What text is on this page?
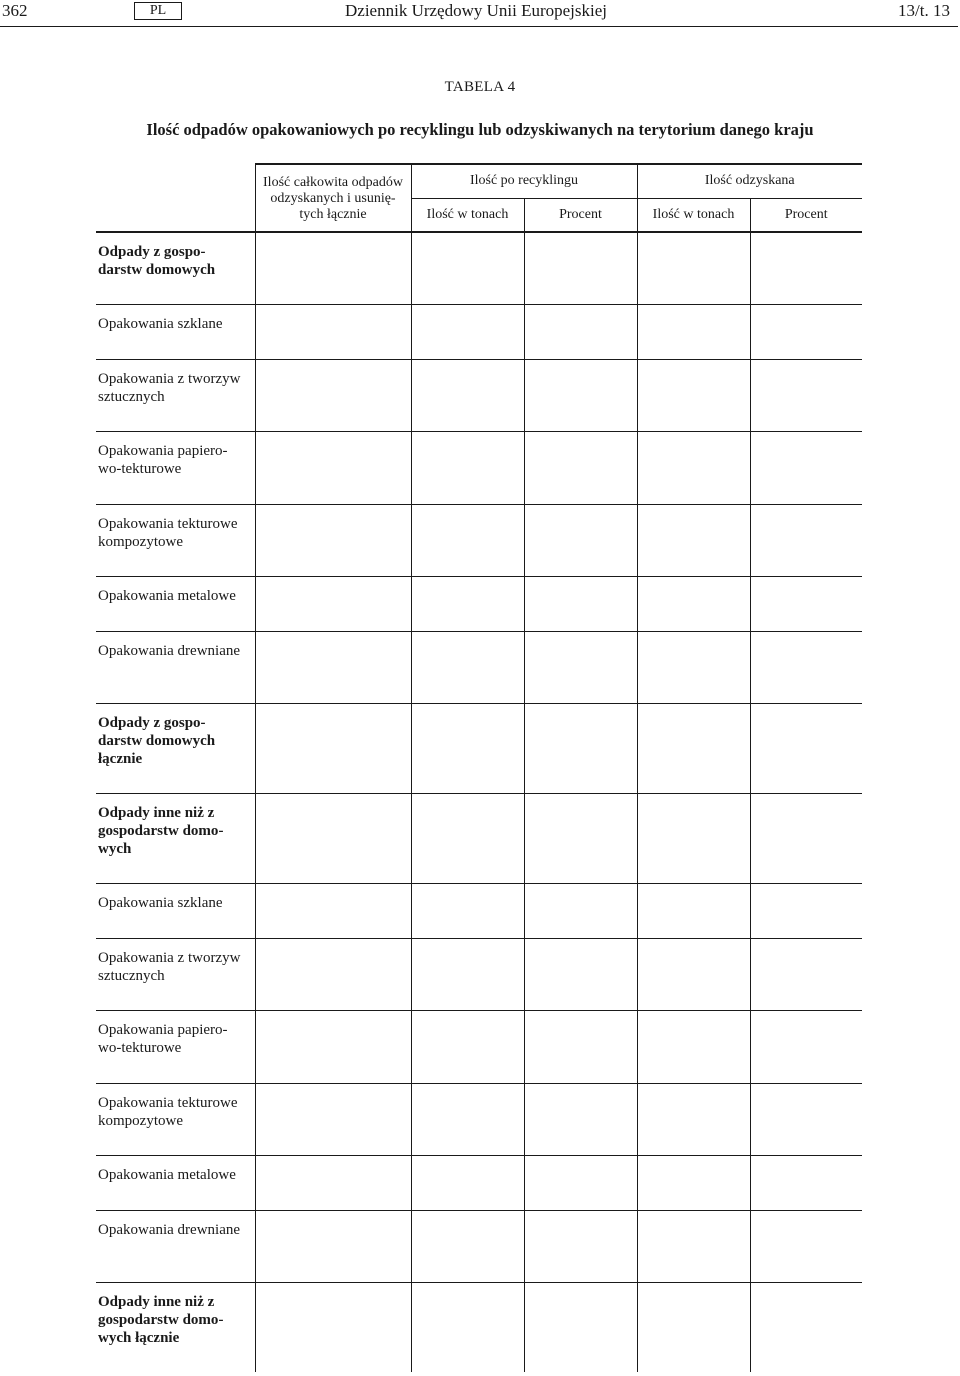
362	PL	Dziennik Urzędowy Unii Europejskiej	13/t. 13
TABELA 4
Ilość odpadów opakowaniowych po recyklingu lub odzyskiwanych na terytorium danego kraju
	Ilość całkowita odpadów odzyskanych i usuniętych łącznie	Ilość po recyklingu		Ilość odzyskana	
		Ilość w tonach	Procent	Ilość w tonach	Procent
Odpady z gospodarstw domowych					
Opakowania szklane					
Opakowania z tworzyw sztucznych					
Opakowania papierowo-tekturowe					
Opakowania tekturowe kompozytowe					
Opakowania metalowe					
Opakowania drewniane					
Odpady z gospodarstw domowych łącznie					
Odpady inne niż z gospodarstw domowych					
Opakowania szklane					
Opakowania z tworzyw sztucznych					
Opakowania papierowo-tekturowe					
Opakowania tekturowe kompozytowe					
Opakowania metalowe					
Opakowania drewniane					
Odpady inne niż z gospodarstw domowych łącznie					
